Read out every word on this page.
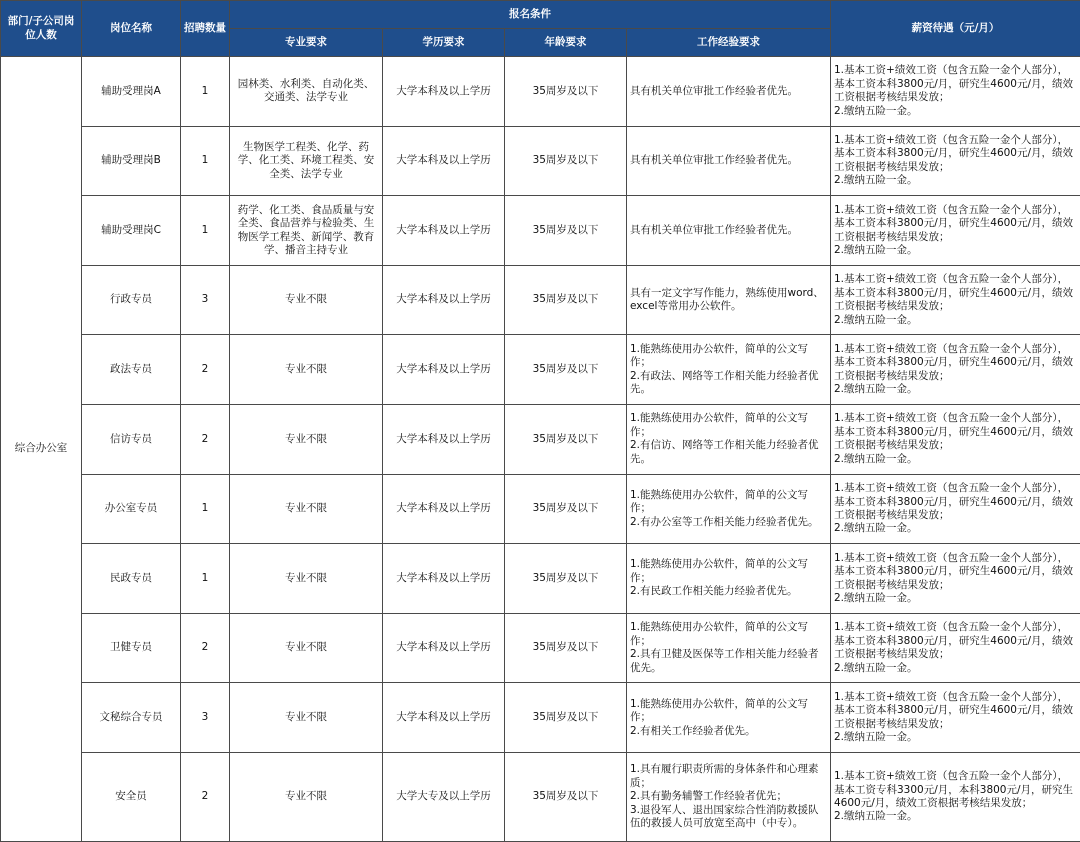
部门/子公司岗位人数	岗位名称	招聘数量	报名条件				薪资待遇（元/月）
			专业要求	学历要求	年龄要求	工作经验要求	
综合办公室	辅助受理岗A	1	园林类、水利类、自动化类、交通类、法学专业	大学本科及以上学历	35周岁及以下	具有机关单位审批工作经验者优先。	1.基本工资+绩效工资（包含五险一金个人部分），基本工资本科3800元/月，研究生4600元/月，绩效工资根据考核结果发放；
2.缴纳五险一金。

	辅助受理岗B	1	生物医学工程类、化学、药学、化工类、环境工程类、安全类、法学专业	大学本科及以上学历	35周岁及以下	具有机关单位审批工作经验者优先。	1.基本工资+绩效工资（包含五险一金个人部分），基本工资本科3800元/月，研究生4600元/月，绩效工资根据考核结果发放；
2.缴纳五险一金。

	辅助受理岗C	1	药学、化工类、食品质量与安全类、食品营养与检验类、生物医学工程类、新闻学、教育学、播音主持专业	大学本科及以上学历	35周岁及以下	具有机关单位审批工作经验者优先。	1.基本工资+绩效工资（包含五险一金个人部分），基本工资本科3800元/月，研究生4600元/月，绩效工资根据考核结果发放；
2.缴纳五险一金。

	行政专员	3	专业不限	大学本科及以上学历	35周岁及以下	具有一定文字写作能力，熟练使用word、excel等常用办公软件。	1.基本工资+绩效工资（包含五险一金个人部分），基本工资本科3800元/月，研究生4600元/月，绩效工资根据考核结果发放；
2.缴纳五险一金。

	政法专员	2	专业不限	大学本科及以上学历	35周岁及以下	1.能熟练使用办公软件，简单的公文写作；
2.有政法、网络等工作相关能力经验者优先。	1.基本工资+绩效工资（包含五险一金个人部分），基本工资本科3800元/月，研究生4600元/月，绩效工资根据考核结果发放；
2.缴纳五险一金。

	信访专员	2	专业不限	大学本科及以上学历	35周岁及以下	1.能熟练使用办公软件，简单的公文写作；
2.有信访、网络等工作相关能力经验者优先。	1.基本工资+绩效工资（包含五险一金个人部分），基本工资本科3800元/月，研究生4600元/月，绩效工资根据考核结果发放；
2.缴纳五险一金。

	办公室专员	1	专业不限	大学本科及以上学历	35周岁及以下	1.能熟练使用办公软件，简单的公文写作；
2.有办公室等工作相关能力经验者优先。	1.基本工资+绩效工资（包含五险一金个人部分），基本工资本科3800元/月，研究生4600元/月，绩效工资根据考核结果发放；
2.缴纳五险一金。

	民政专员	1	专业不限	大学本科及以上学历	35周岁及以下	1.能熟练使用办公软件，简单的公文写作；
2.有民政工作相关能力经验者优先。	1.基本工资+绩效工资（包含五险一金个人部分），基本工资本科3800元/月，研究生4600元/月，绩效工资根据考核结果发放；
2.缴纳五险一金。

	卫健专员	2	专业不限	大学本科及以上学历	35周岁及以下	1.能熟练使用办公软件，简单的公文写作；
2.具有卫健及医保等工作相关能力经验者优先。	1.基本工资+绩效工资（包含五险一金个人部分），基本工资本科3800元/月，研究生4600元/月，绩效工资根据考核结果发放；
2.缴纳五险一金。

	文秘综合专员	3	专业不限	大学本科及以上学历	35周岁及以下	1.能熟练使用办公软件，简单的公文写作；
2.有相关工作经验者优先。	1.基本工资+绩效工资（包含五险一金个人部分），基本工资本科3800元/月，研究生4600元/月，绩效工资根据考核结果发放；
2.缴纳五险一金。

	安全员	2	专业不限	大学大专及以上学历	35周岁及以下	1.具有履行职责所需的身体条件和心理素质；
2.具有勤务辅警工作经验者优先；
3.退役军人、退出国家综合性消防救援队伍的救援人员可放宽至高中（中专）。	1.基本工资+绩效工资（包含五险一金个人部分），基本工资专科3300元/月，本科3800元/月，研究生4600元/月，绩效工资根据考核结果发放；
2.缴纳五险一金。
